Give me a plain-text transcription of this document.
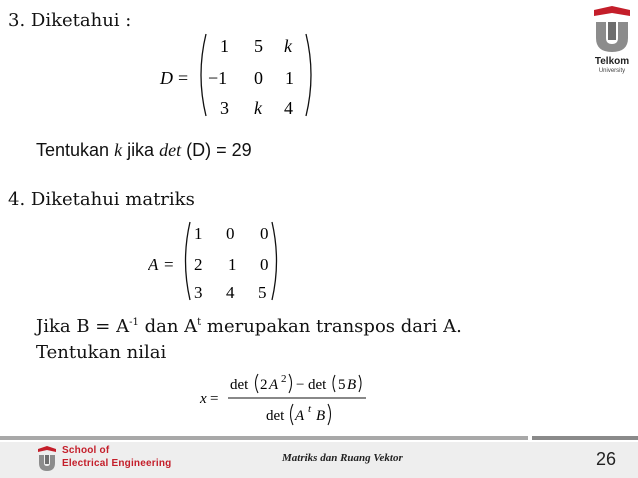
3. Diketahui :
D =
1 5 k
−1 0 1
3 k 4
Tentukan k jika det (D) = 29
4. Diketahui matriks
A =
1 0 0
2 1 0
3 4 5
Jika $B = A^{-1}$ dan $A^t$ merupakan transpos dari A.
Tentukan nilai
x =
det 2 A 2 − det 5 B
det A t B
Telkom
University
School of
Electrical Engineering	Matriks dan Ruang Vektor	26
